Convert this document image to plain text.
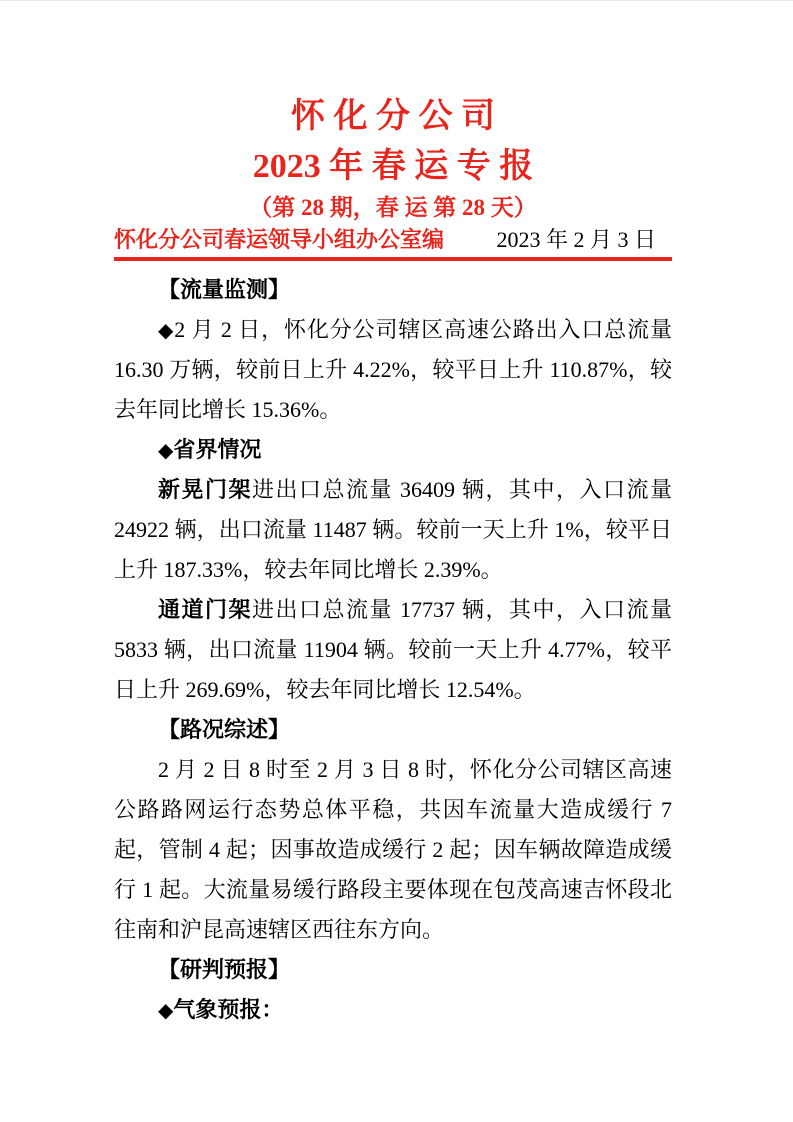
怀 化 分 公 司
2023 年 春 运 专 报
（第 28 期，春 运 第 28 天）
怀化分公司春运领导小组办公室编 2023 年 2 月 3 日

【流量监测】

◆2 月 2 日，怀化分公司辖区高速公路出入口总流量 16.30 万辆，较前日上升 4.22%，较平日上升 110.87%，较去年同比增长 15.36%。

◆省界情况

新晃门架进出口总流量 36409 辆，其中，入口流量 24922 辆，出口流量 11487 辆。较前一天上升 1%，较平日上升 187.33%，较去年同比增长 2.39%。

通道门架进出口总流量 17737 辆，其中，入口流量 5833 辆，出口流量 11904 辆。较前一天上升 4.77%，较平日上升 269.69%，较去年同比增长 12.54%。

【路况综述】

2 月 2 日 8 时至 2 月 3 日 8 时，怀化分公司辖区高速公路路网运行态势总体平稳，共因车流量大造成缓行 7 起，管制 4 起；因事故造成缓行 2 起；因车辆故障造成缓行 1 起。大流量易缓行路段主要体现在包茂高速吉怀段北往南和沪昆高速辖区西往东方向。

【研判预报】

◆气象预报：
